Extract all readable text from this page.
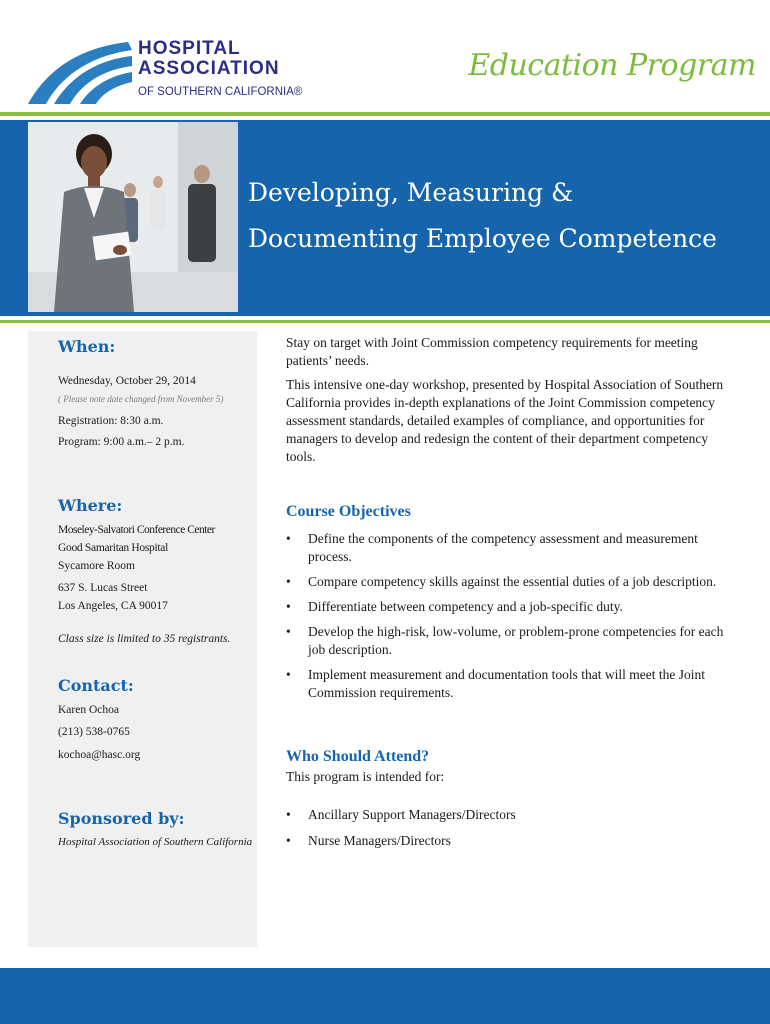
HOSPITAL
ASSOCIATION
OF SOUTHERN CALIFORNIA®
Education Program
Developing, Measuring &
Documenting Employee Competence
When:
Wednesday, October 29, 2014
( Please note date changed from November 5)
Registration: 8:30 a.m.
Program: 9:00 a.m.– 2 p.m.
Where:
Moseley-Salvatori Conference Center
Good Samaritan Hospital
Sycamore Room
637 S. Lucas Street
Los Angeles, CA 90017
Class size is limited to 35 registrants.
Contact:
Karen Ochoa
(213) 538-0765
kochoa@hasc.org
Sponsored by:
Hospital Association of Southern California
Stay on target with Joint Commission competency requirements for meeting patients’ needs.
This intensive one-day workshop, presented by Hospital Association of Southern California provides in-depth explanations of the Joint Commission competency assessment standards, detailed examples of compliance, and opportunities for managers to develop and redesign the content of their department competency tools.
Course Objectives
• Define the components of the competency assessment and measurement process.
• Compare competency skills against the essential duties of a job description.
• Differentiate between competency and a job-specific duty.
• Develop the high-risk, low-volume, or problem-prone competencies for each job description.
• Implement measurement and documentation tools that will meet the Joint Commission requirements.
Who Should Attend?
This program is intended for:
• Ancillary Support Managers/Directors
• Nurse Managers/Directors
